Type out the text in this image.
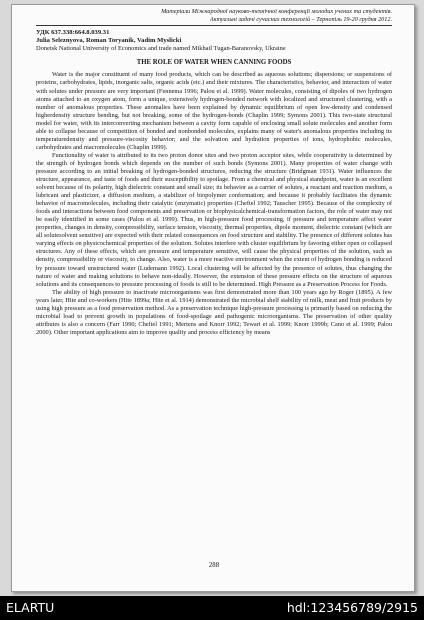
Матеріали Міжнародної науково-технічної конференції молодих учених та студентів.
Актуальні задачі сучасних технологій – Тернопіль 19-20 грудня 2012.
УДК 637.338:664.8.039.31
Julia Seleznyova, Roman Toryanik, Vadim Myslicki
Donetsk National University of Economics and trade named Mikhail Tugan-Baranovsky, Ukraine
THE ROLE OF WATER WHEN CANNING FOODS

Water is the major constituent of many food products, which can be described as aqueous solutions; dispersions; or suspensions of proteins, carbohydrates, lipids, inorganic salts, organic acids (etc.) and their mixtures. The characteristics, behavior, and interaction of water with solutes under pressure are very important (Fennema 1996; Palou et al. 1999). Water molecules, consisting of dipoles of two hydrogen atoms attached to an oxygen atom, form a unique, extensively hydrogen-bonded network with localized and structured clustering, with a number of anomalous properties. These anomalies have been explained by dynamic equilibrium of open low-density and condensed higherdensity structure bending, but not breaking, some of the hydrogen-bonds (Chaplin 1999; Symons 2001). This two-state structural model for water, with its interconverting mechanism between a cavity form capable of enclosing small solute molecules and another form able to collapse because of competition of bonded and nonbonded molecules, explains many of water's anomalous properties including its temperaturedensity and pressure-viscosity behavior; and the solvation and hydration properties of ions, hydrophobic molecules, carbohydrates and macromolecules (Chaplin 1999).

Functionality of water is attributed to its two proton donor sites and two proton acceptor sites, while cooperativity is determined by the strength of hydrogen bonds which depends on the number of such bonds (Symons 2001). Many properties of water change with pressure according to an initial breaking of hydrogen-bonded structures, reducing the structure (Bridgman 1931). Water influences the structure, appearance, and taste of foods and their susceptibility to spoilage. From a chemical and physical standpoint, water is an excellent solvent because of its polarity, high dielectric constant and small size; its behavior as a carrier of solutes, a reactant and reaction medium, a lubricant and plasticizer, a diffusion medium, a stabilizer of biopolymer conformation; and because it probably facilitates the dynamic behavior of macromolecules, including their catalytic (enzymatic) properties (Cheftel 1992; Tauscher 1995). Because of the complexity of foods and interactions between food components and preservation or biophysicalchemical-transformation factors, the role of water may not be easily identified in some cases (Palou et al. 1999). Thus, in high-pressure food processing, if pressure and temperature affect water properties, changes in density, compressibility, surface tension, viscosity, thermal properties, dipole moment, dielectric constant (which are all solutesolvent sensitive) are expected with their related consequences on food structure and stability. The presence of different solutes has varying effects on physicochemical properties of the solution. Solutes interfere with cluster equilibrium by favoring either open or collapsed structures. Any of these effects, which are pressure and temperature sensitive, will cause the physical properties of the solution, such as density, compressibility or viscosity, to change. Also, water is a more reactive environment when the extent of hydrogen bonding is reduced by pressure toward unstructured water (Ludemann 1992). Local clustering will be affected by the presence of solutes, thus changing the nature of water and making solutions to behave non-ideally. However, the extension of these pressure effects on the structure of aqueous solutions and its consequences to pressure processing of foods is still to be determined. High Pressure as a Preservation Process for Foods.

The ability of high pressure to inactivate microorganisms was first demonstrated more than 100 years ago by Roger (1895). A few years later, Hite and co-workers (Hite 1899a; Hite et al. 1914) demonstrated the microbial shelf stability of milk, meat and fruit products by using high pressure as a food preservation method. As a preservation technique high-pressure processing is primarily based on reducing the microbial load to prevent growth in populations of food-spoilage and pathogenic microorganisms. The preservation of other quality attributes is also a concern (Farr 1990; Cheftel 1991; Mertens and Knorr 1992; Tewari et al. 1999; Knorr 1999b; Cano et al. 1999; Palou 2000). Other important applications aim to improve quality and process efficiency by means

288
ELARTU	hdl:123456789/2915
